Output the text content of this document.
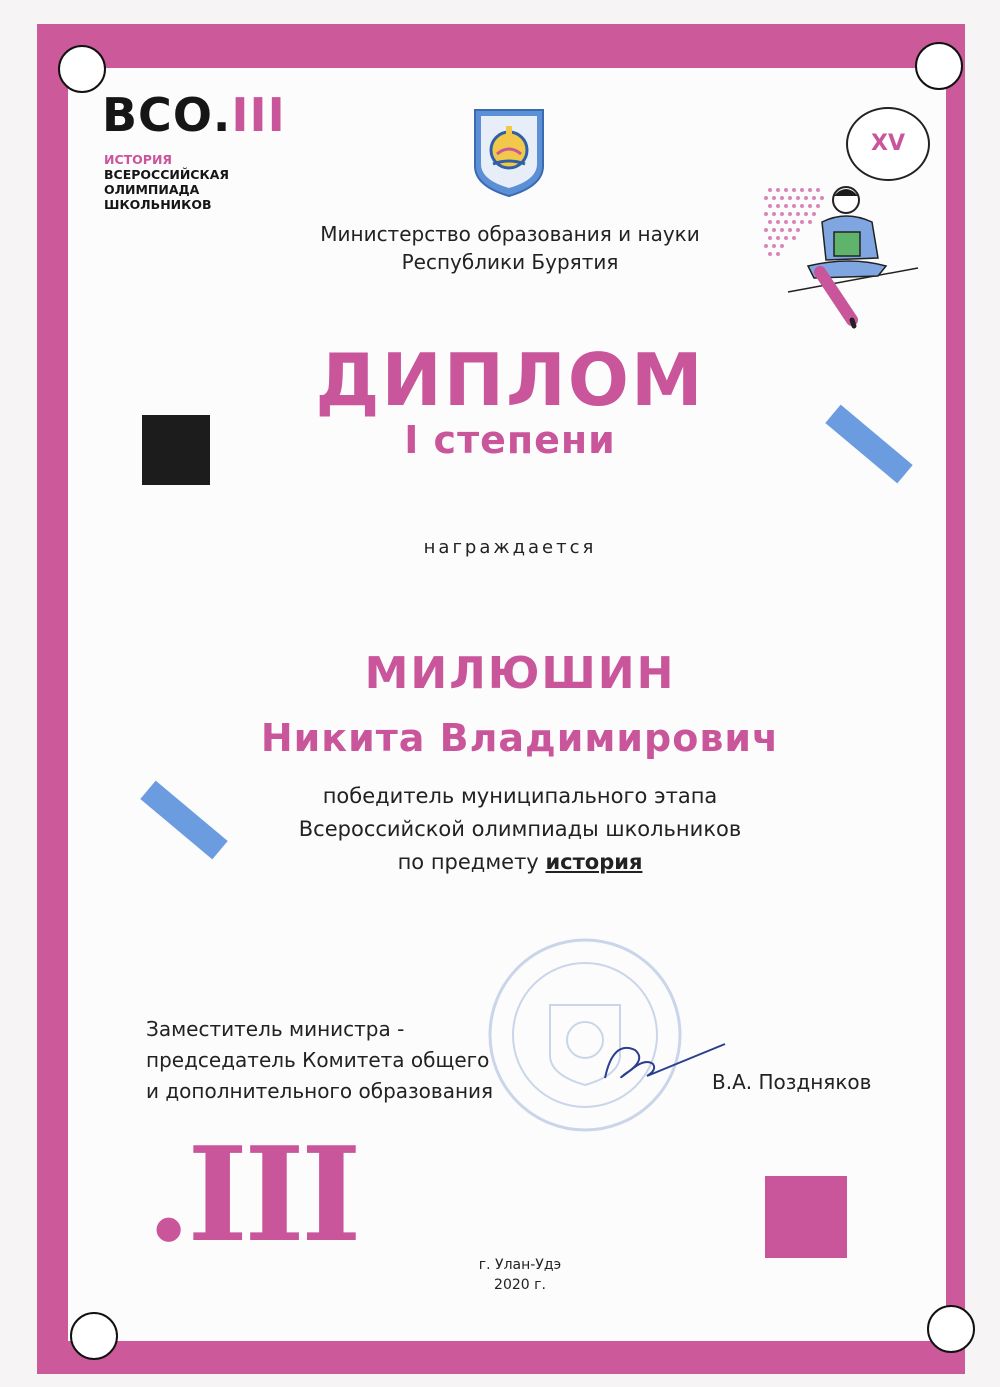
ВСО.III
ИСТОРИЯ
ВСЕРОССИЙСКАЯ
ОЛИМПИАДА
ШКОЛЬНИКОВ
Министерство образования и науки
Республики Бурятия
XV
ДИПЛОМ
I степени
награждается
МИЛЮШИН
Никита Владимирович
победитель муниципального этапа
Всероссийской олимпиады школьников
по предмету история
Заместитель министра -
председатель Комитета общего
и дополнительного образования	В.А. Поздняков
.III	г. Улан-Удэ
2020 г.
